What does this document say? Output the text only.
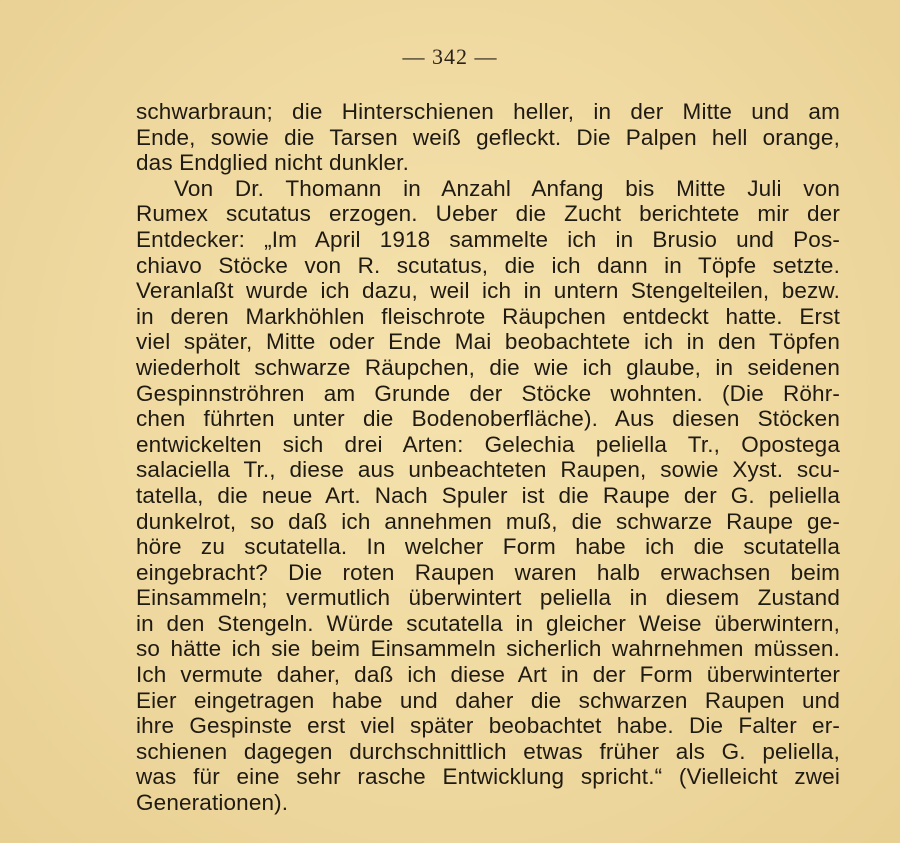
— 342 —
schwarbraun; die Hinterschienen heller, in der Mitte und am
Ende, sowie die Tarsen weiß gefleckt. Die Palpen hell orange,
das Endglied nicht dunkler.
Von Dr. Thomann in Anzahl Anfang bis Mitte Juli von
Rumex scutatus erzogen. Ueber die Zucht berichtete mir der
Entdecker: „Im April 1918 sammelte ich in Brusio und Pos-
chiavo Stöcke von R. scutatus, die ich dann in Töpfe setzte.
Veranlaßt wurde ich dazu, weil ich in untern Stengelteilen, bezw.
in deren Markhöhlen fleischrote Räupchen entdeckt hatte. Erst
viel später, Mitte oder Ende Mai beobachtete ich in den Töpfen
wiederholt schwarze Räupchen, die wie ich glaube, in seidenen
Gespinnströhren am Grunde der Stöcke wohnten. (Die Röhr-
chen führten unter die Bodenoberfläche). Aus diesen Stöcken
entwickelten sich drei Arten: Gelechia peliella Tr., Opostega
salaciella Tr., diese aus unbeachteten Raupen, sowie Xyst. scu-
tatella, die neue Art. Nach Spuler ist die Raupe der G. peliella
dunkelrot, so daß ich annehmen muß, die schwarze Raupe ge-
höre zu scutatella. In welcher Form habe ich die scutatella
eingebracht? Die roten Raupen waren halb erwachsen beim
Einsammeln; vermutlich überwintert peliella in diesem Zustand
in den Stengeln. Würde scutatella in gleicher Weise überwintern,
so hätte ich sie beim Einsammeln sicherlich wahrnehmen müssen.
Ich vermute daher, daß ich diese Art in der Form überwinterter
Eier eingetragen habe und daher die schwarzen Raupen und
ihre Gespinste erst viel später beobachtet habe. Die Falter er-
schienen dagegen durchschnittlich etwas früher als G. peliella,
was für eine sehr rasche Entwicklung spricht.“ (Vielleicht zwei
Generationen).
